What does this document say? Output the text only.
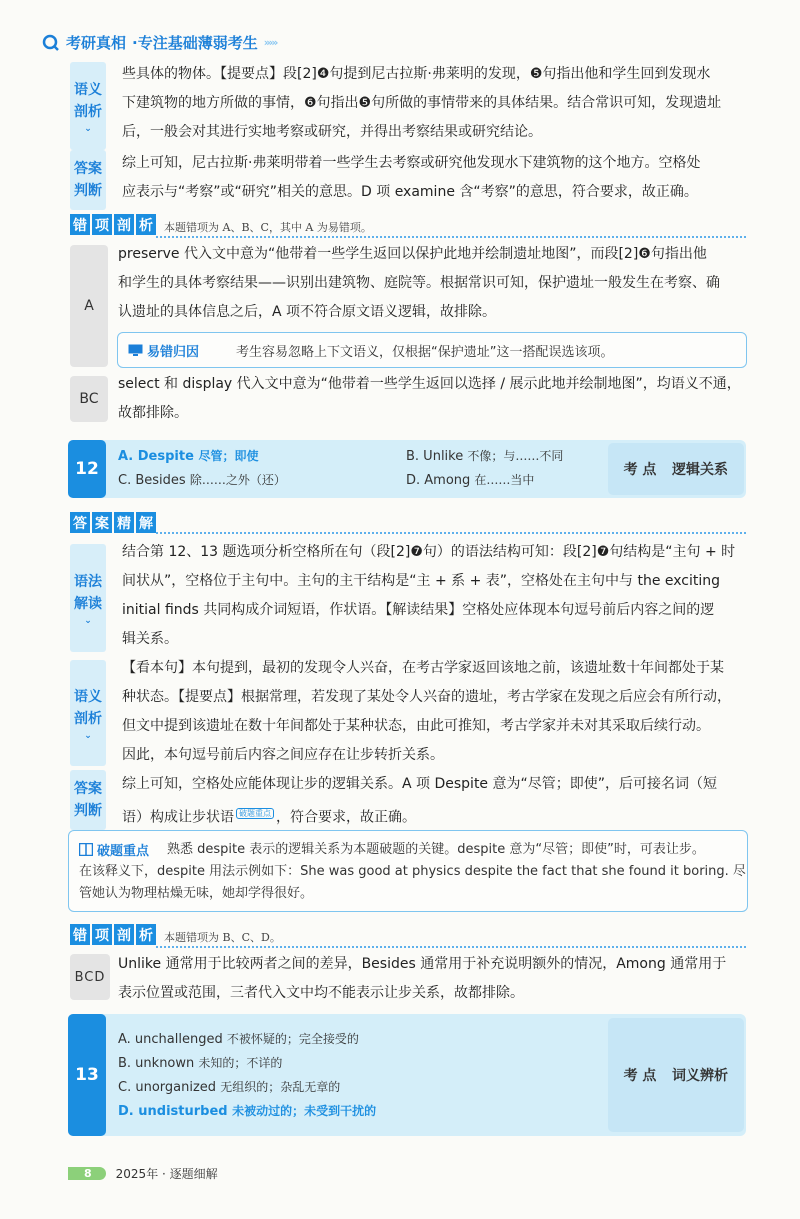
考研真相 ·专注基础薄弱考生 ›››››
语义
剖析
⌄
些具体的物体。【提要点】段[2]❹句提到尼古拉斯·弗莱明的发现，❺句指出他和学生回到发现水
下建筑物的地方所做的事情，❻句指出❺句所做的事情带来的具体结果。结合常识可知，发现遗址
后，一般会对其进行实地考察或研究，并得出考察结果或研究结论。
答案
判断
综上可知，尼古拉斯·弗莱明带着一些学生去考察或研究他发现水下建筑物的这个地方。空格处
应表示与“考察”或“研究”相关的意思。D 项 examine 含“考察”的意思，符合要求，故正确。
错 项 剖 析 本题错项为 A、B、C，其中 A 为易错项。
A
preserve 代入文中意为“他带着一些学生返回以保护此地并绘制遗址地图”，而段[2]❻句指出他
和学生的具体考察结果——识别出建筑物、庭院等。根据常识可知，保护遗址一般发生在考察、确
认遗址的具体信息之后，A 项不符合原文语义逻辑，故排除。
易错归因	考生容易忽略上下文语义，仅根据“保护遗址”这一搭配误选该项。
BC
select 和 display 代入文中意为“他带着一些学生返回以选择 / 展示此地并绘制地图”，均语义不通，
故都排除。
12
A. Despite 尽管；即使	B. Unlike 不像；与……不同
C. Besides 除……之外（还）	D. Among 在……当中
考 点	逻辑关系
答 案 精 解
语法
解读
⌄
结合第 12、13 题选项分析空格所在句（段[2]❼句）的语法结构可知：段[2]❼句结构是“主句 + 时
间状从”，空格位于主句中。主句的主干结构是“主 + 系 + 表”，空格处在主句中与 the exciting
initial finds 共同构成介词短语，作状语。【解读结果】空格处应体现本句逗号前后内容之间的逻
辑关系。
语义
剖析
⌄
【看本句】本句提到，最初的发现令人兴奋，在考古学家返回该地之前，该遗址数十年间都处于某
种状态。【提要点】根据常理，若发现了某处令人兴奋的遗址，考古学家在发现之后应会有所行动，
但文中提到该遗址在数十年间都处于某种状态，由此可推知，考古学家并未对其采取后续行动。
因此，本句逗号前后内容之间应存在让步转折关系。
答案
判断
综上可知，空格处应能体现让步的逻辑关系。A 项 Despite 意为“尽管；即使”，后可接名词（短
语）构成让步状语 $^{破题重点}$ ，符合要求，故正确。
破题重点 熟悉 despite 表示的逻辑关系为本题破题的关键。despite 意为“尽管；即使”时，可表让步。
在该释义下，despite 用法示例如下：She was good at physics despite the fact that she found it boring. 尽
管她认为物理枯燥无味，她却学得很好。
错 项 剖 析 本题错项为 B、C、D。
BCD
Unlike 通常用于比较两者之间的差异，Besides 通常用于补充说明额外的情况，Among 通常用于
表示位置或范围，三者代入文中均不能表示让步关系，故都排除。
13
A. unchallenged 不被怀疑的；完全接受的
B. unknown 未知的；不详的
C. unorganized 无组织的；杂乱无章的
D. undisturbed 未被动过的；未受到干扰的
考 点	词义辨析
8	2025年 · 逐题细解
